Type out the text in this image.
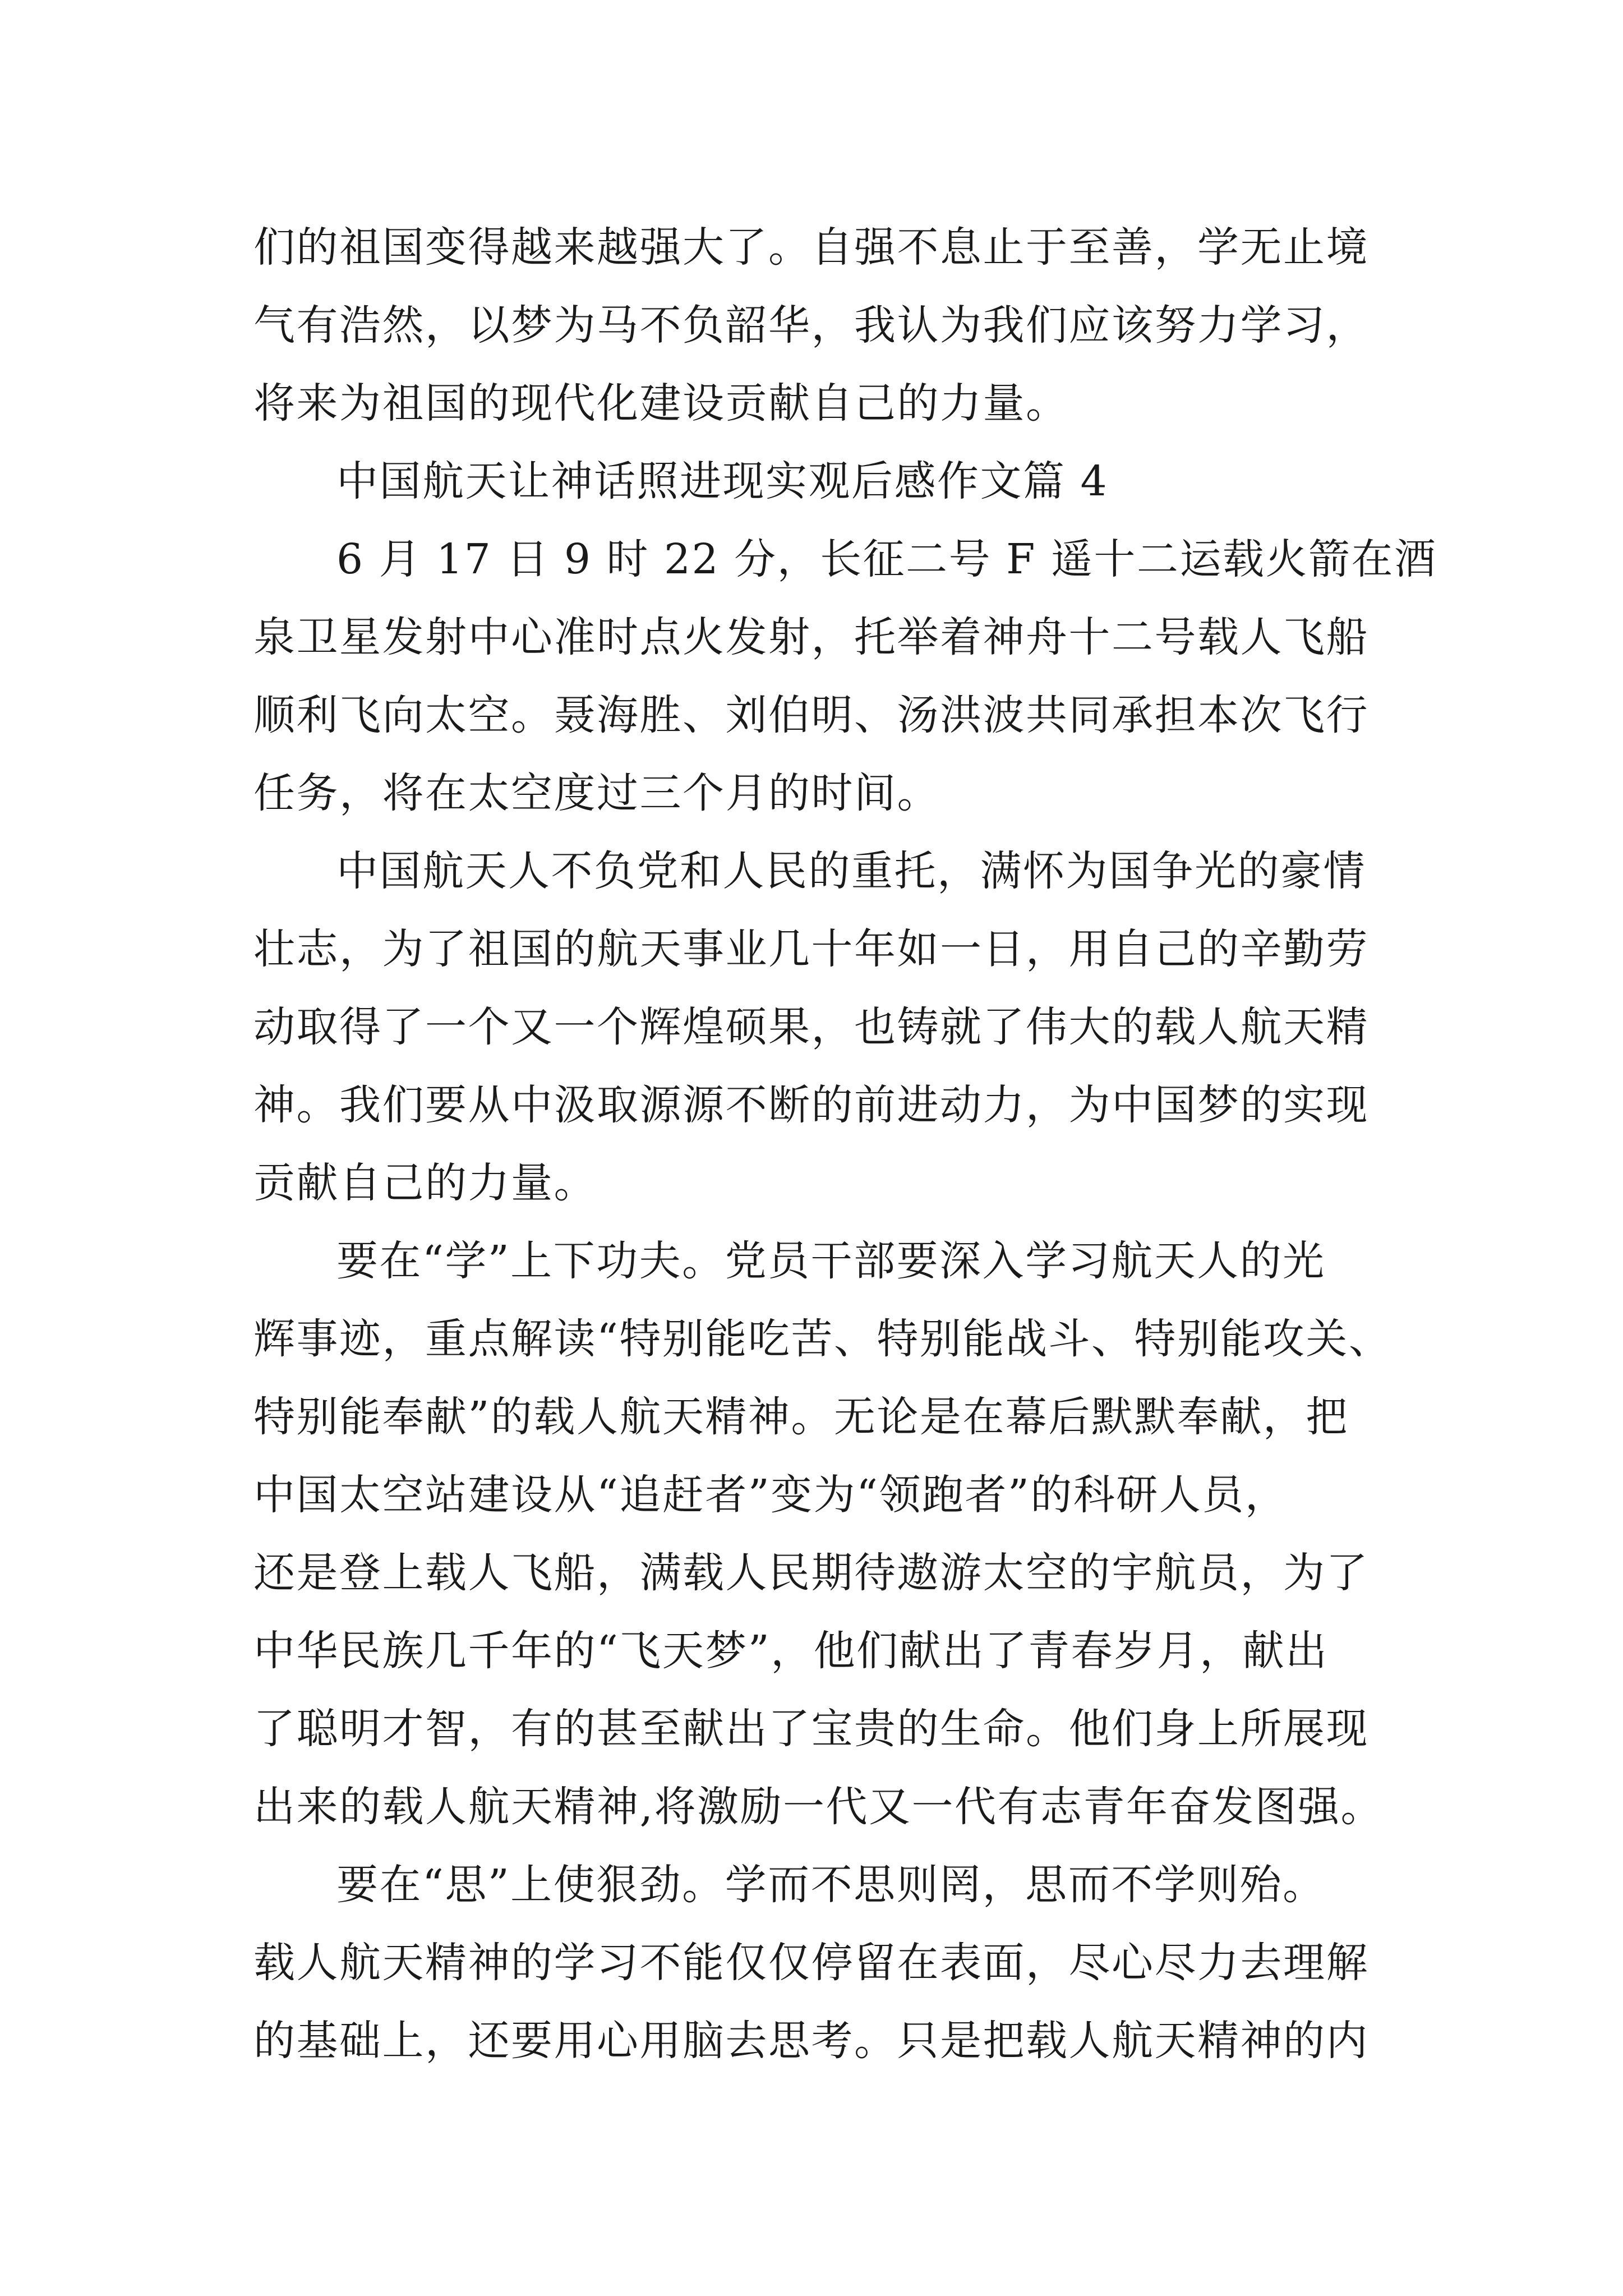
们的祖国变得越来越强大了。自强不息止于至善，学无止境
气有浩然，以梦为马不负韶华，我认为我们应该努力学习，
将来为祖国的现代化建设贡献自己的力量。
中国航天让神话照进现实观后感作文篇 4
6 月 17 日 9 时 22 分，长征二号 F 遥十二运载火箭在酒
泉卫星发射中心准时点火发射，托举着神舟十二号载人飞船
顺利飞向太空。聂海胜、刘伯明、汤洪波共同承担本次飞行
任务，将在太空度过三个月的时间。
中国航天人不负党和人民的重托，满怀为国争光的豪情
壮志，为了祖国的航天事业几十年如一日，用自己的辛勤劳
动取得了一个又一个辉煌硕果，也铸就了伟大的载人航天精
神。我们要从中汲取源源不断的前进动力，为中国梦的实现
贡献自己的力量。
要在“学”上下功夫。党员干部要深入学习航天人的光
辉事迹，重点解读“特别能吃苦、特别能战斗、特别能攻关、
特别能奉献”的载人航天精神。无论是在幕后默默奉献，把
中国太空站建设从“追赶者”变为“领跑者”的科研人员，
还是登上载人飞船，满载人民期待遨游太空的宇航员，为了
中华民族几千年的“飞天梦”，他们献出了青春岁月，献出
了聪明才智，有的甚至献出了宝贵的生命。他们身上所展现
出来的载人航天精神,将激励一代又一代有志青年奋发图强。
要在“思”上使狠劲。学而不思则罔，思而不学则殆。
载人航天精神的学习不能仅仅停留在表面，尽心尽力去理解
的基础上，还要用心用脑去思考。只是把载人航天精神的内
